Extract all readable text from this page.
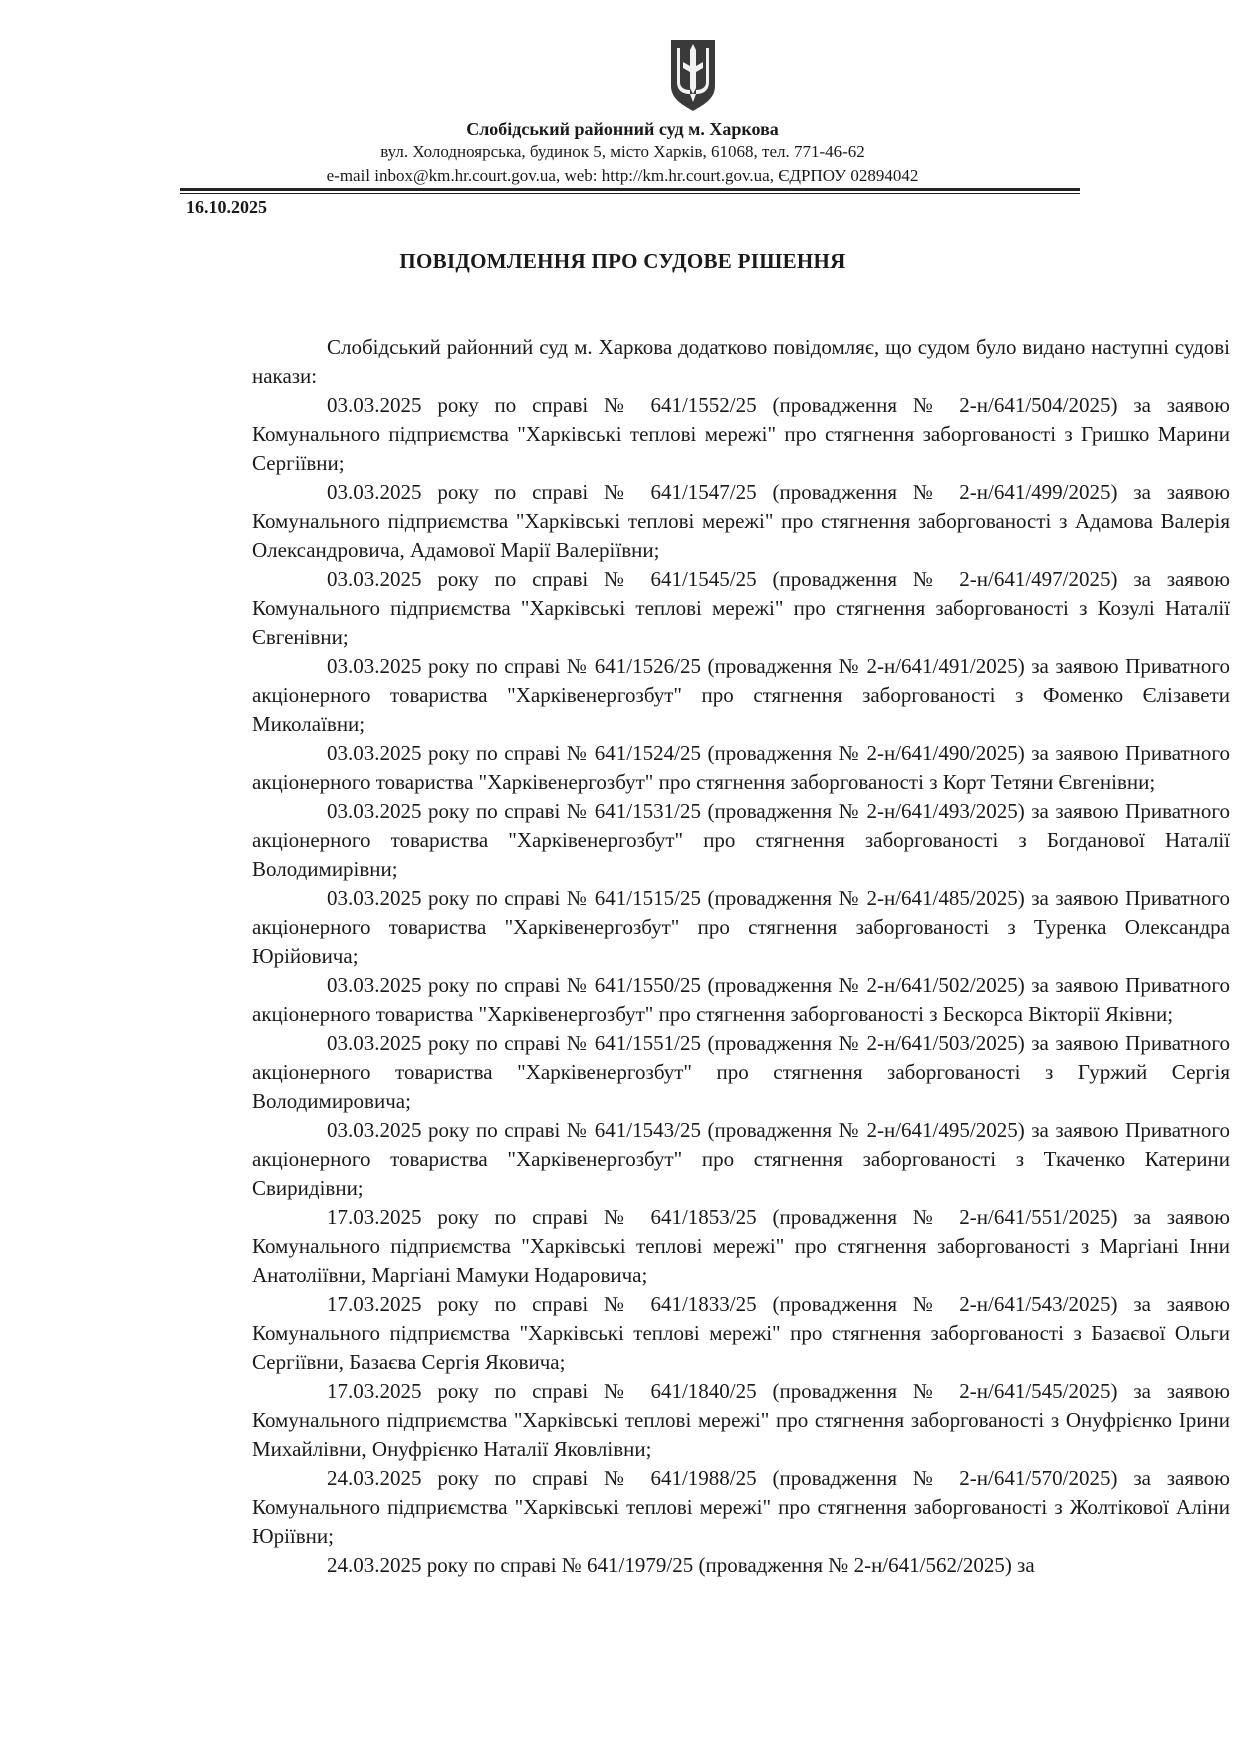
Слобідський районний суд м. Харкова
вул. Холодноярська, будинок 5, місто Харків, 61068, тел. 771-46-62
e-mail inbox@km.hr.court.gov.ua, web: http://km.hr.court.gov.ua, ЄДРПОУ 02894042
16.10.2025
ПОВІДОМЛЕННЯ ПРО СУДОВЕ РІШЕННЯ

Слобідський районний суд м. Харкова додатково повідомляє, що судом було видано наступні судові накази:

03.03.2025 року по справі № 641/1552/25 (провадження № 2-н/641/504/2025) за заявою Комунального підприємства "Харківські теплові мережі" про стягнення заборгованості з Гришко Марини Сергіївни;

03.03.2025 року по справі № 641/1547/25 (провадження № 2-н/641/499/2025) за заявою Комунального підприємства "Харківські теплові мережі" про стягнення заборгованості з Адамова Валерія Олександровича, Адамової Марії Валеріївни;

03.03.2025 року по справі № 641/1545/25 (провадження № 2-н/641/497/2025) за заявою Комунального підприємства "Харківські теплові мережі" про стягнення заборгованості з Козулі Наталії Євгенівни;

03.03.2025 року по справі № 641/1526/25 (провадження № 2-н/641/491/2025) за заявою Приватного акціонерного товариства "Харківенергозбут" про стягнення заборгованості з Фоменко Єлізавети Миколаївни;

03.03.2025 року по справі № 641/1524/25 (провадження № 2-н/641/490/2025) за заявою Приватного акціонерного товариства "Харківенергозбут" про стягнення заборгованості з Корт Тетяни Євгенівни;

03.03.2025 року по справі № 641/1531/25 (провадження № 2-н/641/493/2025) за заявою Приватного акціонерного товариства "Харківенергозбут" про стягнення заборгованості з Богданової Наталії Володимирівни;

03.03.2025 року по справі № 641/1515/25 (провадження № 2-н/641/485/2025) за заявою Приватного акціонерного товариства "Харківенергозбут" про стягнення заборгованості з Туренка Олександра Юрійовича;

03.03.2025 року по справі № 641/1550/25 (провадження № 2-н/641/502/2025) за заявою Приватного акціонерного товариства "Харківенергозбут" про стягнення заборгованості з Бескорса Вікторії Яківни;

03.03.2025 року по справі № 641/1551/25 (провадження № 2-н/641/503/2025) за заявою Приватного акціонерного товариства "Харківенергозбут" про стягнення заборгованості з Гуржий Сергія Володимировича;

03.03.2025 року по справі № 641/1543/25 (провадження № 2-н/641/495/2025) за заявою Приватного акціонерного товариства "Харківенергозбут" про стягнення заборгованості з Ткаченко Катерини Свиридівни;

17.03.2025 року по справі № 641/1853/25 (провадження № 2-н/641/551/2025) за заявою Комунального підприємства "Харківські теплові мережі" про стягнення заборгованості з Маргіані Інни Анатоліївни, Маргіані Мамуки Нодаровича;

17.03.2025 року по справі № 641/1833/25 (провадження № 2-н/641/543/2025) за заявою Комунального підприємства "Харківські теплові мережі" про стягнення заборгованості з Базаєвої Ольги Сергіївни, Базаєва Сергія Яковича;

17.03.2025 року по справі № 641/1840/25 (провадження № 2-н/641/545/2025) за заявою Комунального підприємства "Харківські теплові мережі" про стягнення заборгованості з Онуфрієнко Ірини Михайлівни, Онуфрієнко Наталії Яковлівни;

24.03.2025 року по справі № 641/1988/25 (провадження № 2-н/641/570/2025) за заявою Комунального підприємства "Харківські теплові мережі" про стягнення заборгованості з Жолтікової Аліни Юріївни;

24.03.2025 року по справі № 641/1979/25 (провадження № 2-н/641/562/2025) за
